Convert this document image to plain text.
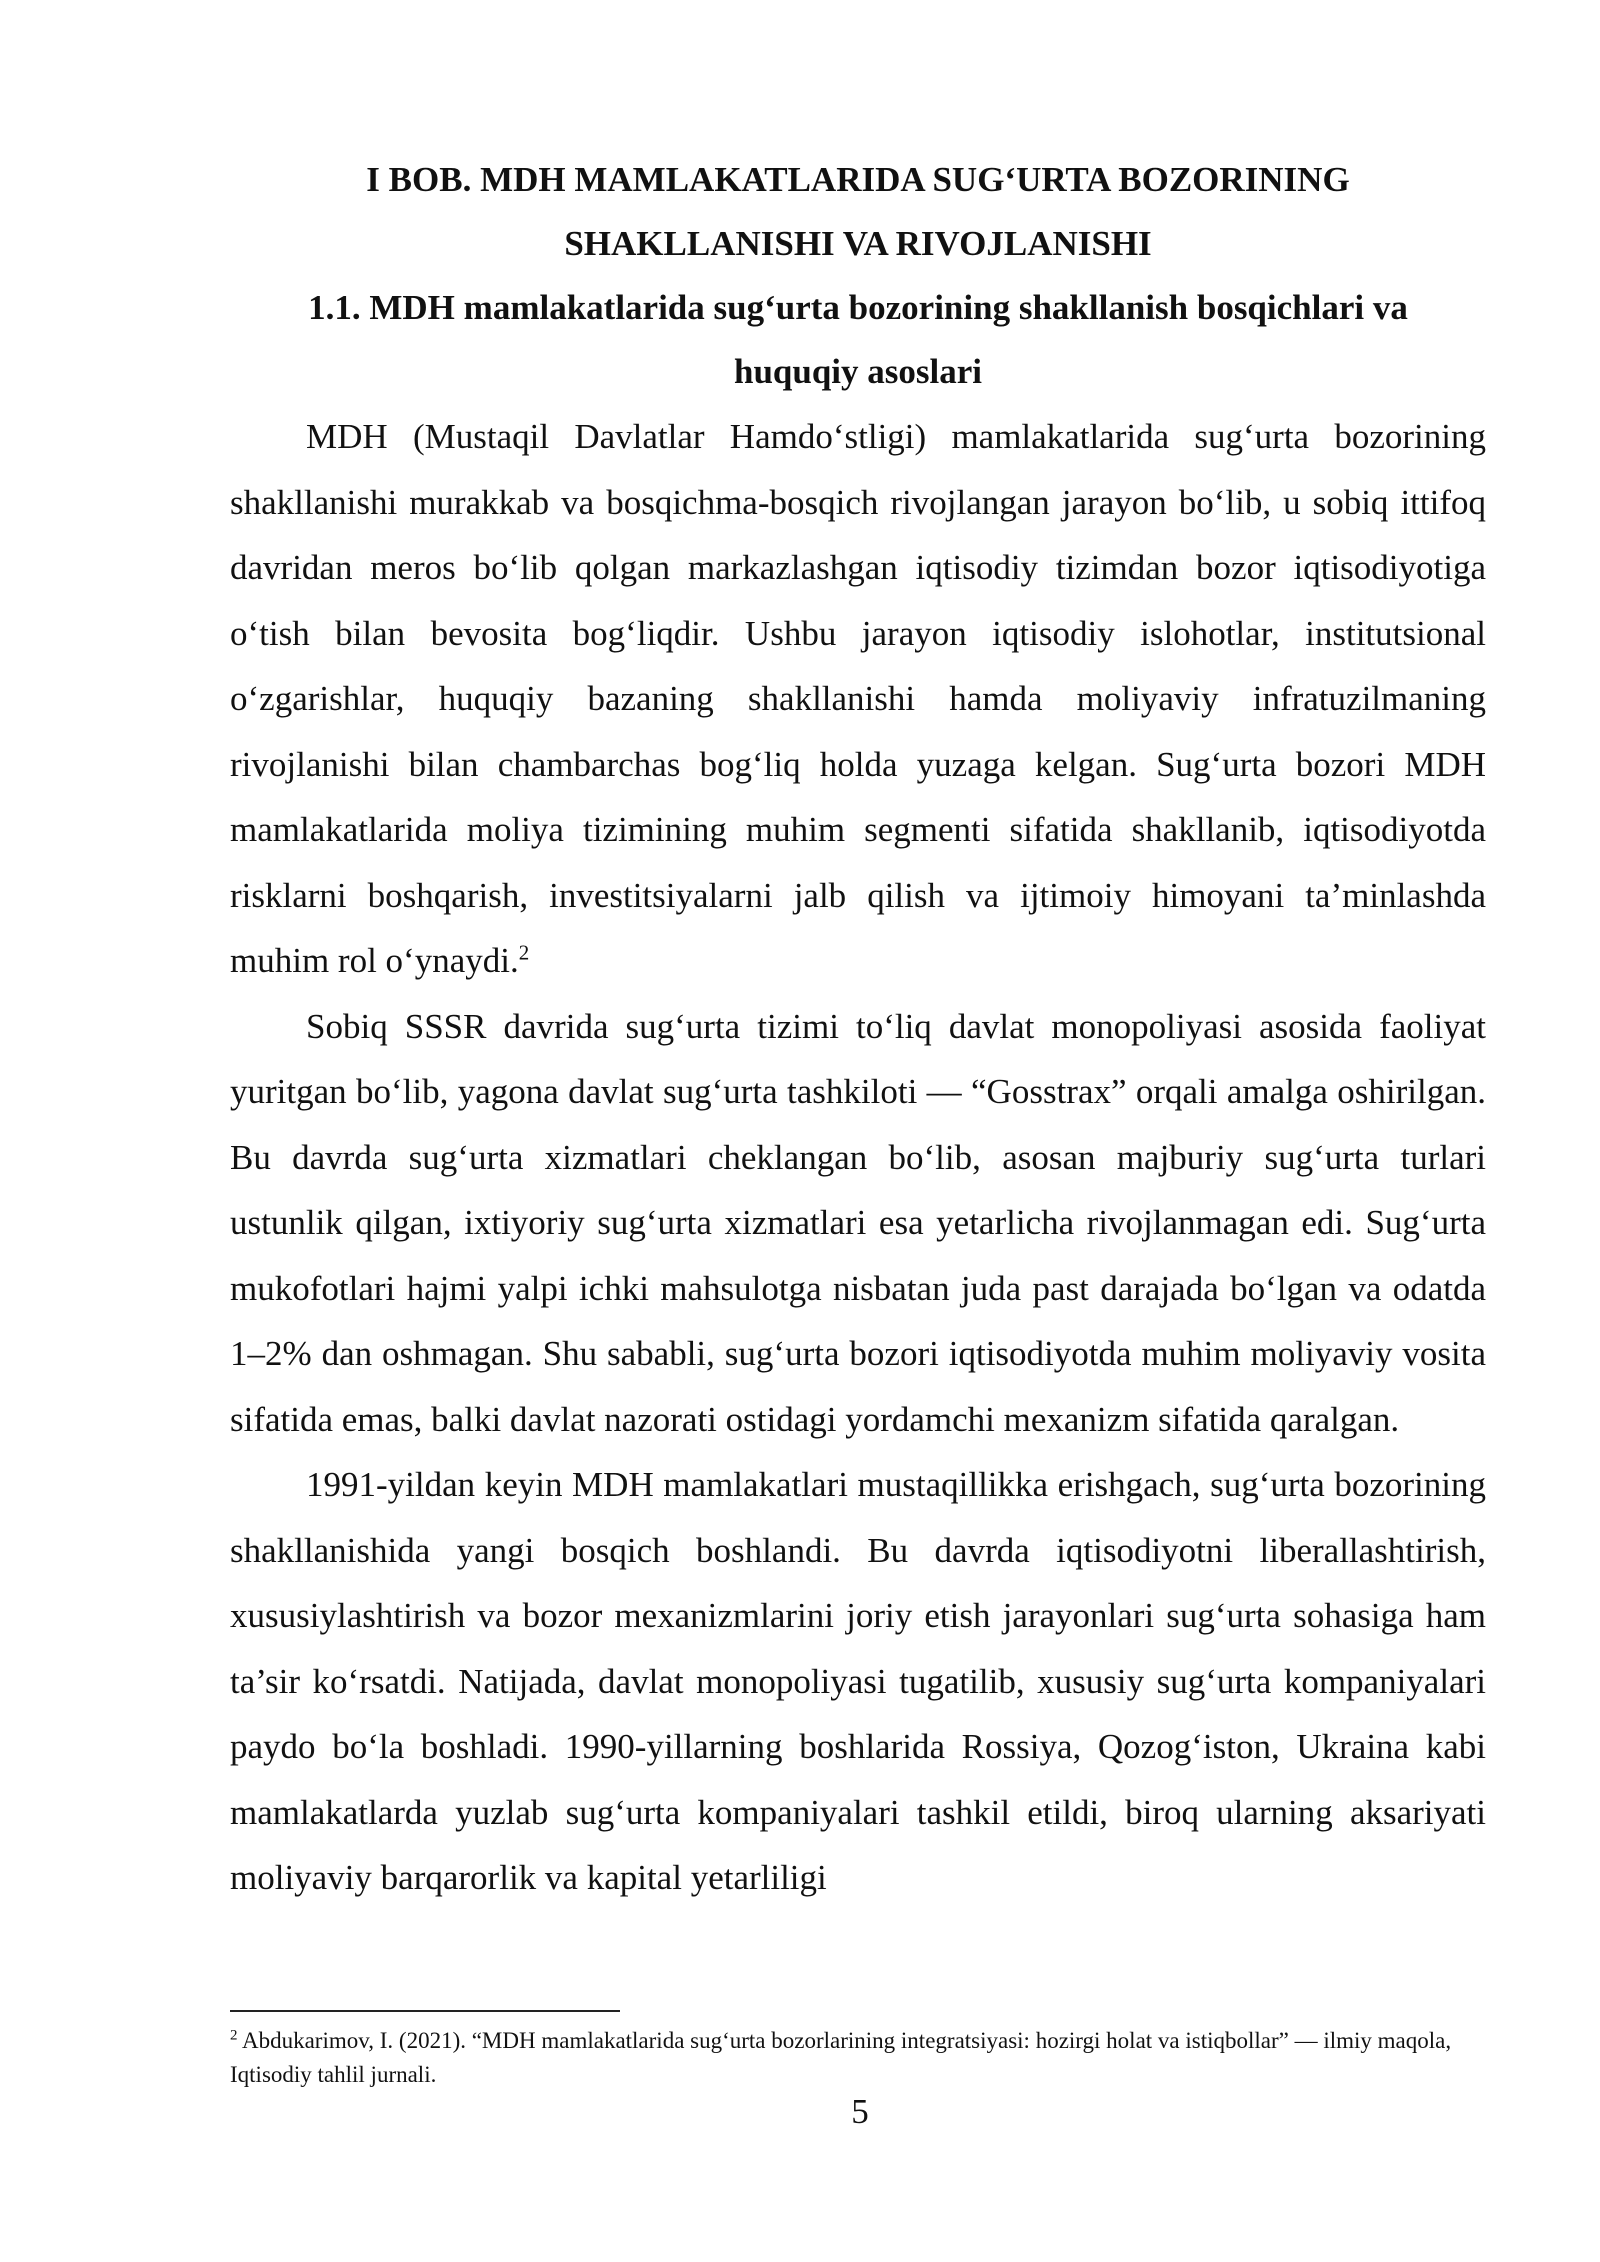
I BOB. MDH MAMLAKATLARIDA SUG‘URTA BOZORINING
SHAKLLANISHI VA RIVOJLANISHI
1.1. MDH mamlakatlarida sug‘urta bozorining shakllanish bosqichlari va
huquqiy asoslari

MDH (Mustaqil Davlatlar Hamdo‘stligi) mamlakatlarida sug‘urta bozorining shakllanishi murakkab va bosqichma-bosqich rivojlangan jarayon bo‘lib, u sobiq ittifoq davridan meros bo‘lib qolgan markazlashgan iqtisodiy tizimdan bozor iqtisodiyotiga o‘tish bilan bevosita bog‘liqdir. Ushbu jarayon iqtisodiy islohotlar, institutsional o‘zgarishlar, huquqiy bazaning shakllanishi hamda moliyaviy infratuzilmaning rivojlanishi bilan chambarchas bog‘liq holda yuzaga kelgan. Sug‘urta bozori MDH mamlakatlarida moliya tizimining muhim segmenti sifatida shakllanib, iqtisodiyotda risklarni boshqarish, investitsiyalarni jalb qilish va ijtimoiy himoyani ta’minlashda muhim rol o‘ynaydi.$^2$

Sobiq SSSR davrida sug‘urta tizimi to‘liq davlat monopoliyasi asosida faoliyat yuritgan bo‘lib, yagona davlat sug‘urta tashkiloti — “Gosstrax” orqali amalga oshirilgan. Bu davrda sug‘urta xizmatlari cheklangan bo‘lib, asosan majburiy sug‘urta turlari ustunlik qilgan, ixtiyoriy sug‘urta xizmatlari esa yetarlicha rivojlanmagan edi. Sug‘urta mukofotlari hajmi yalpi ichki mahsulotga nisbatan juda past darajada bo‘lgan va odatda 1–2% dan oshmagan. Shu sababli, sug‘urta bozori iqtisodiyotda muhim moliyaviy vosita sifatida emas, balki davlat nazorati ostidagi yordamchi mexanizm sifatida qaralgan.

1991-yildan keyin MDH mamlakatlari mustaqillikka erishgach, sug‘urta bozorining shakllanishida yangi bosqich boshlandi. Bu davrda iqtisodiyotni liberallashtirish, xususiylashtirish va bozor mexanizmlarini joriy etish jarayonlari sug‘urta sohasiga ham ta’sir ko‘rsatdi. Natijada, davlat monopoliyasi tugatilib, xususiy sug‘urta kompaniyalari paydo bo‘la boshladi. 1990-yillarning boshlarida Rossiya, Qozog‘iston, Ukraina kabi mamlakatlarda yuzlab sug‘urta kompaniyalari tashkil etildi, biroq ularning aksariyati moliyaviy barqarorlik va kapital yetarliligi

$^2$ Abdukarimov, I. (2021). “MDH mamlakatlarida sug‘urta bozorlarining integratsiyasi: hozirgi holat va istiqbollar” — ilmiy maqola, Iqtisodiy tahlil jurnali.
5
